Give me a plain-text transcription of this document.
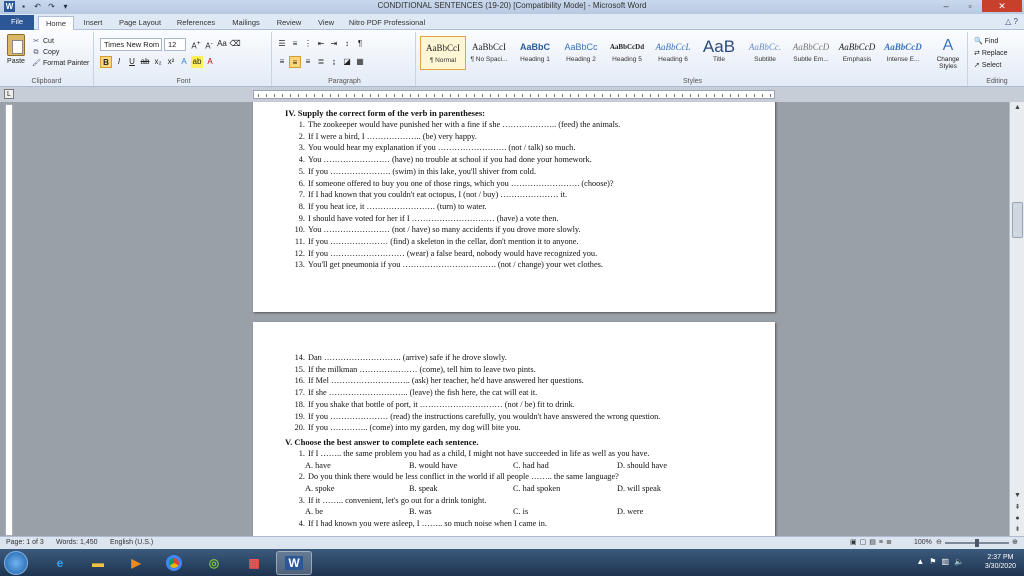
W	▪	↶ ↷	▾	CONDITIONAL SENTENCES (19-20) [Compatibility Mode] - Microsoft Word	–	▫	✕
File	Home	Insert	Page Layout	References	Mailings	Review	View	Nitro PDF Professional	△ ?
Paste
✂ Cut
⧉ Copy
🖌 Format Painter
Clipboard
Times New Rom	12	A+ A- Aa ⌫
B	I	U ab x₂ x² A ab A
Font
☰ ≡ ⋮ ⇤ ⇥ ↕	¶
≡	≡	≡ ≣ ↨ ◪ ▦
Paragraph
AaBbCcI
¶ Normal
AaBbCcI
¶ No Spaci...
AaBbC
Heading 1
AaBbCc
Heading 2
AaBbCcDd
Heading 5
AaBbCcL
Heading 6
AaB
Title
AaBbCc.
Subtitle
AaBbCcD
Subtle Em...
AaBbCcD
Emphasis
AaBbCcD
Intense E...
A
Change Styles
Styles
🔍 Find
⇄ Replace
➚ Select
Editing
L
IV. Supply the correct form of the verb in parentheses:
1. The zookeeper would have punished her with a fine if she ……………….. (feed) the animals.
2. If I were a bird, I ……………….. (be) very happy.
3. You would hear my explanation if you ……………………. (not / talk) so much.
4. You …………………… (have) no trouble at school if you had done your homework.
5. If you …………………. (swim) in this lake, you'll shiver from cold.
6. If someone offered to buy you one of those rings, which you ……………………. (choose)?
7. If I had known that you couldn't eat octopus, I (not / buy) ………………… it.
8. If you heat ice, it ……………………. (turn) to water.
9. I should have voted for her if I ………………………… (have) a vote then.
10. You …………………… (not / have) so many accidents if you drove more slowly.
11. If you ………………… (find) a skeleton in the cellar, don't mention it to anyone.
12. If you ……………………… (wear) a false beard, nobody would have recognized you.
13. You'll get pneumonia if you ……………………………. (not / change) your wet clothes.
14. Dan ………………………. (arrive) safe if he drove slowly.
15. If the milkman ………………… (come), tell him to leave two pints.
16. If Mel ……………………….. (ask) her teacher, he'd have answered her questions.
17. If she ……………………….. (leave) the fish here, the cat will eat it.
18. If you shake that bottle of port, it ………………………… (not / be) fit to drink.
19. If you ………………… (read) the instructions carefully, you wouldn't have answered the wrong question.
20. If you ………….. (come) into my garden, my dog will bite you.
V. Choose the best answer to complete each sentence.
1. If I …….. the same problem you had as a child, I might not have succeeded in life as well as you have.
A. have	B. would have	C. had had	D. should have
2. Do you think there would be less conflict in the world if all people …….. the same language?
A. spoke	B. speak	C. had spoken	D. will speak
3. If it …….. convenient, let's go out for a drink tonight.
A. be	B. was	C. is	D. were
4. If I had known you were asleep, I …….. so much noise when I came in.
▲
▼
⇞
●
⇟
Page: 1 of 3 Words: 1,450 English (U.S.)	▣ ▢ ▤ ≡ ≣	100% ⊖	⊕
e	▬	▶	◎	▦	W	▲ ⚑ ▥ 🔈	2:37 PM
3/30/2020
